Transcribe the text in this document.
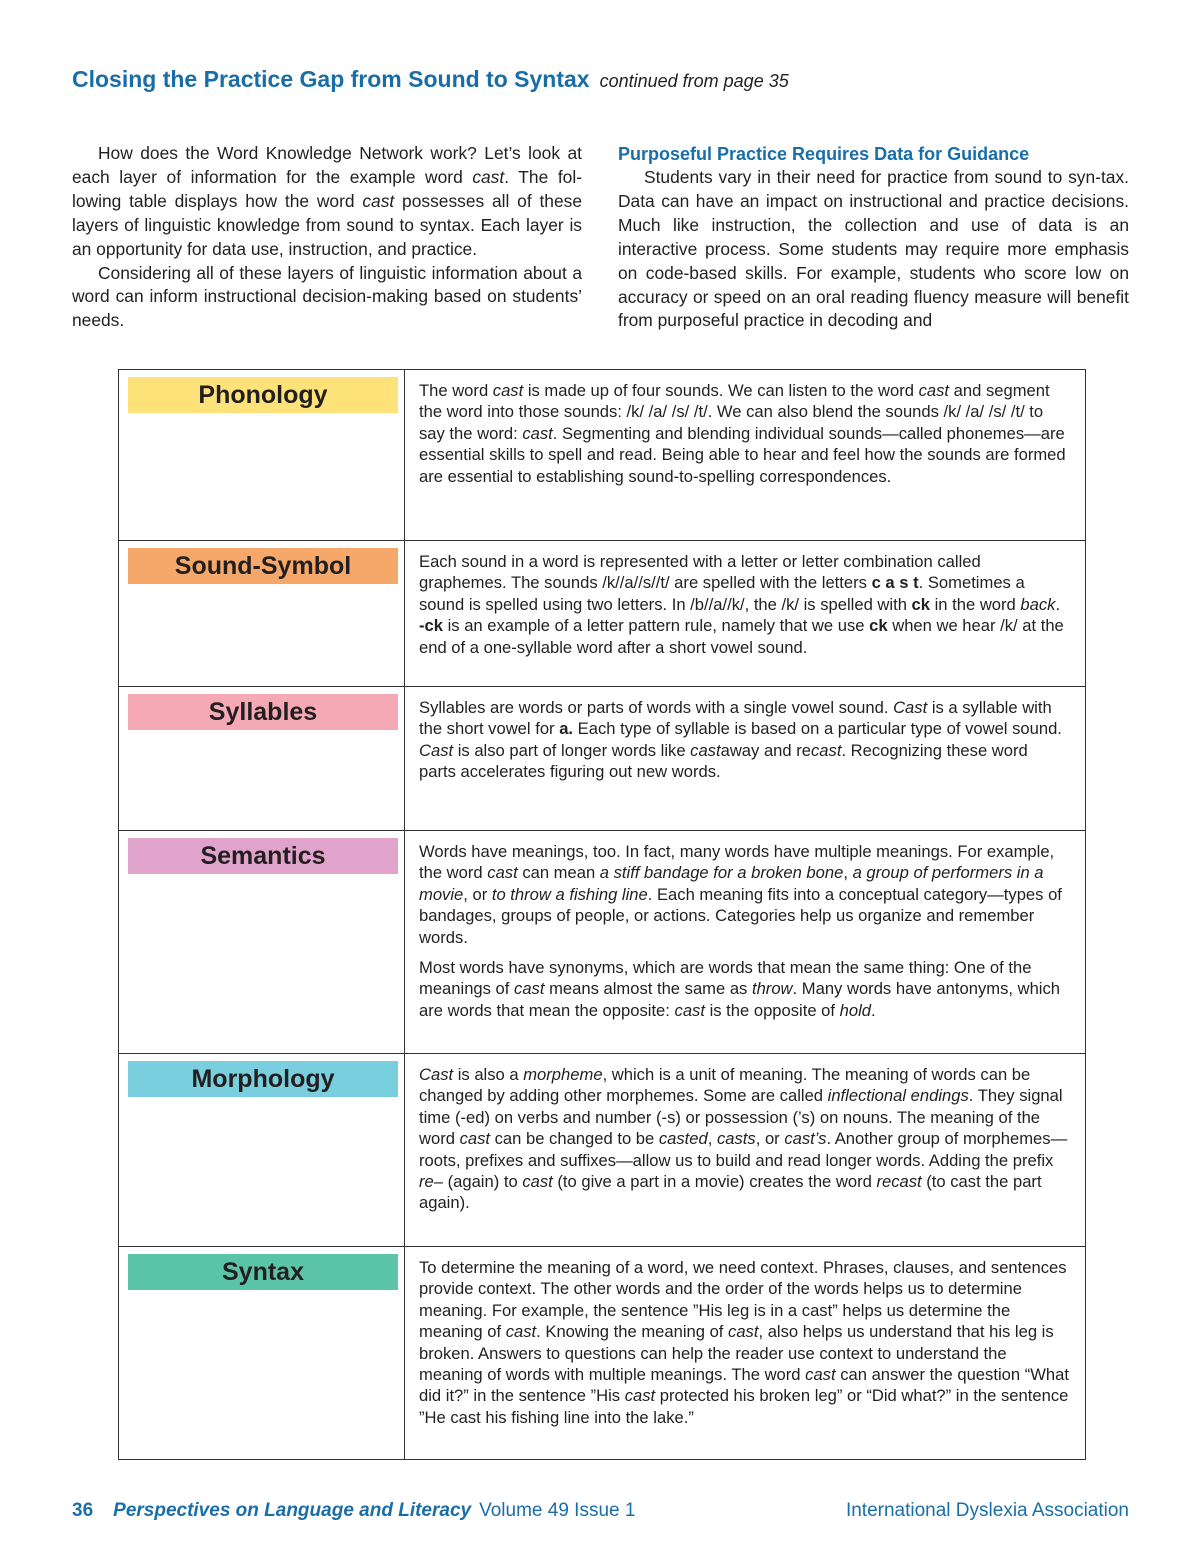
Closing the Practice Gap from Sound to Syntax continued from page 35

How does the Word Knowledge Network work? Let’s look at each layer of information for the example word cast. The fol-lowing table displays how the word cast possesses all of these layers of linguistic knowledge from sound to syntax. Each layer is an opportunity for data use, instruction, and practice.

Considering all of these layers of linguistic information about a word can inform instructional decision-making based on students’ needs.

Purposeful Practice Requires Data for Guidance

Students vary in their need for practice from sound to syn-tax. Data can have an impact on instructional and practice decisions. Much like instruction, the collection and use of data is an interactive process. Some students may require more emphasis on code-based skills. For example, students who score low on accuracy or speed on an oral reading fluency measure will benefit from purposeful practice in decoding and

Phonology	The word cast is made up of four sounds. We can listen to the word cast and segment the word into those sounds: /k/ /a/ /s/ /t/. We can also blend the sounds /k/ /a/ /s/ /t/ to say the word: cast. Segmenting and blending individual sounds—called phonemes—are essential skills to spell and read. Being able to hear and feel how the sounds are formed are essential to establishing sound-to-spelling correspondences.

Sound-Symbol	Each sound in a word is represented with a letter or letter combination called graphemes. The sounds /k//a//s//t/ are spelled with the letters c a s t. Sometimes a sound is spelled using two letters. In /b//a//k/, the /k/ is spelled with ck in the word back. -ck is an example of a letter pattern rule, namely that we use ck when we hear /k/ at the end of a one-syllable word after a short vowel sound.

Syllables	Syllables are words or parts of words with a single vowel sound. Cast is a syllable with the short vowel for a. Each type of syllable is based on a particular type of vowel sound. Cast is also part of longer words like castaway and recast. Recognizing these word parts accelerates figuring out new words.

Semantics	Words have meanings, too. In fact, many words have multiple meanings. For example, the word cast can mean a stiff bandage for a broken bone, a group of performers in a movie, or to throw a fishing line. Each meaning fits into a conceptual category—types of bandages, groups of people, or actions. Categories help us organize and remember words.

Most words have synonyms, which are words that mean the same thing: One of the meanings of cast means almost the same as throw. Many words have antonyms, which are words that mean the opposite: cast is the opposite of hold.

Morphology	Cast is also a morpheme, which is a unit of meaning. The meaning of words can be changed by adding other morphemes. Some are called inflectional endings. They signal time (-ed) on verbs and number (-s) or possession (’s) on nouns. The meaning of the word cast can be changed to be casted, casts, or cast’s. Another group of morphemes—roots, prefixes and suffixes—allow us to build and read longer words. Adding the prefix re– (again) to cast (to give a part in a movie) creates the word recast (to cast the part again).

Syntax	To determine the meaning of a word, we need context. Phrases, clauses, and sentences provide context. The other words and the order of the words helps us to determine meaning. For example, the sentence ”His leg is in a cast” helps us determine the meaning of cast. Knowing the meaning of cast, also helps us understand that his leg is broken. Answers to questions can help the reader use context to understand the meaning of words with multiple meanings. The word cast can answer the question “What did it?” in the sentence ”His cast protected his broken leg” or “Did what?” in the sentence ”He cast his fishing line into the lake.”

36 Perspectives on Language and Literacy Volume 49 Issue 1	International Dyslexia Association
